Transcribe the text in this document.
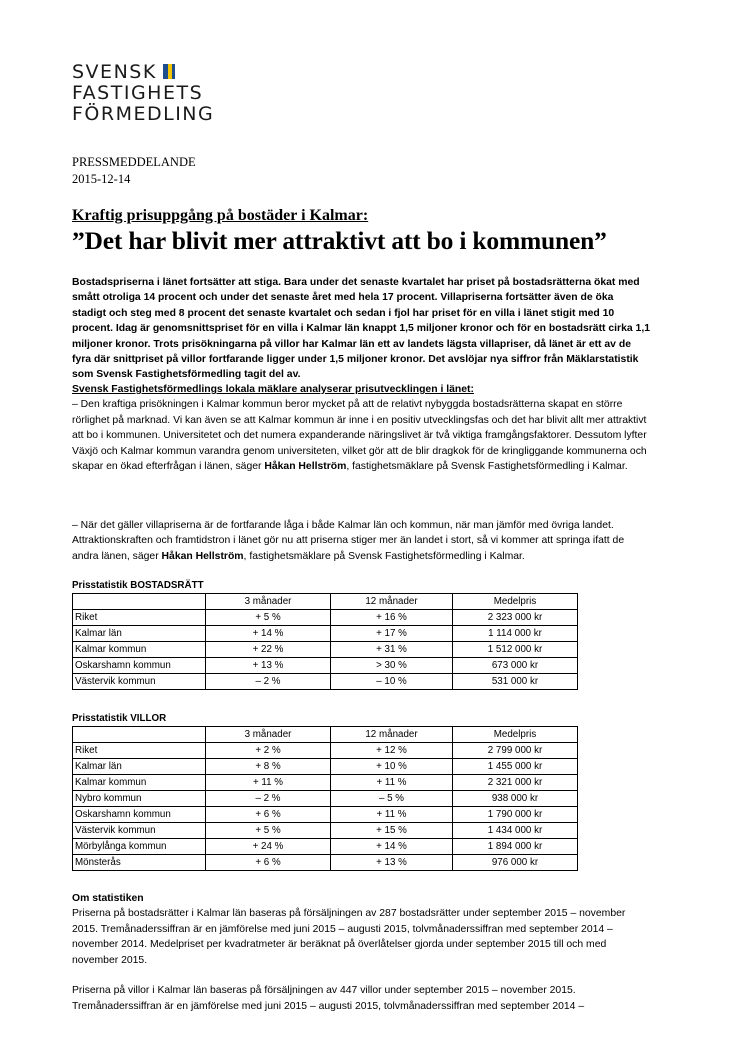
SVENSK
FASTIGHETS
FÖRMEDLING
PRESSMEDDELANDE
2015-12-14
Kraftig prisuppgång på bostäder i Kalmar:
”Det har blivit mer attraktivt att bo i kommunen”
Bostadspriserna i länet fortsätter att stiga. Bara under det senaste kvartalet har priset på bostadsrätterna ökat med smått otroliga 14 procent och under det senaste året med hela 17 procent. Villapriserna fortsätter även de öka stadigt och steg med 8 procent det senaste kvartalet och sedan i fjol har priset för en villa i länet stigit med 10 procent. Idag är genomsnittspriset för en villa i Kalmar län knappt 1,5 miljoner kronor och för en bostadsrätt cirka 1,1 miljoner kronor. Trots prisökningarna på villor har Kalmar län ett av landets lägsta villapriser, då länet är ett av de fyra där snittpriset på villor fortfarande ligger under 1,5 miljoner kronor. Det avslöjar nya siffror från Mäklarstatistik som Svensk Fastighetsförmedling tagit del av.
Svensk Fastighetsförmedlings lokala mäklare analyserar prisutvecklingen i länet:
– Den kraftiga prisökningen i Kalmar kommun beror mycket på att de relativt nybyggda bostadsrätterna skapat en större rörlighet på marknad. Vi kan även se att Kalmar kommun är inne i en positiv utvecklingsfas och det har blivit allt mer attraktivt att bo i kommunen. Universitetet och det numera expanderande näringslivet är två viktiga framgångsfaktorer. Dessutom lyfter Växjö och Kalmar kommun varandra genom universiteten, vilket gör att de blir dragkok för de kringliggande kommunerna och skapar en ökad efterfrågan i länen, säger Håkan Hellström, fastighetsmäklare på Svensk Fastighetsförmedling i Kalmar.
– När det gäller villapriserna är de fortfarande låga i både Kalmar län och kommun, när man jämför med övriga landet. Attraktionskraften och framtidstron i länet gör nu att priserna stiger mer än landet i stort, så vi kommer att springa ifatt de andra länen, säger Håkan Hellström, fastighetsmäklare på Svensk Fastighetsförmedling i Kalmar.
Prisstatistik BOSTADSRÄTT
	3 månader	12 månader	Medelpris
Riket	+ 5 %	+ 16 %	2 323 000 kr
Kalmar län	+ 14 %	+ 17 %	1 114 000 kr
Kalmar kommun	+ 22 %	+ 31 %	1 512 000 kr
Oskarshamn kommun	+ 13 %	> 30 %	673 000 kr
Västervik kommun	– 2 %	– 10 %	531 000 kr
Prisstatistik VILLOR
	3 månader	12 månader	Medelpris
Riket	+ 2 %	+ 12 %	2 799 000 kr
Kalmar län	+ 8 %	+ 10 %	1 455 000 kr
Kalmar kommun	+ 11 %	+ 11 %	2 321 000 kr
Nybro kommun	– 2 %	– 5 %	938 000 kr
Oskarshamn kommun	+ 6 %	+ 11 %	1 790 000 kr
Västervik kommun	+ 5 %	+ 15 %	1 434 000 kr
Mörbylånga kommun	+ 24 %	+ 14 %	1 894 000 kr
Mönsterås	+ 6 %	+ 13 %	976 000 kr
Om statistiken

Priserna på bostadsrätter i Kalmar län baseras på försäljningen av 287 bostadsrätter under september 2015 – november 2015. Tremånaderssiffran är en jämförelse med juni 2015 – augusti 2015, tolvmånaderssiffran med september 2014 – november 2014. Medelpriset per kvadratmeter är beräknat på överlåtelser gjorda under september 2015 till och med november 2015.

Priserna på villor i Kalmar län baseras på försäljningen av 447 villor under september 2015 – november 2015. Tremånaderssiffran är en jämförelse med juni 2015 – augusti 2015, tolvmånaderssiffran med september 2014 –
